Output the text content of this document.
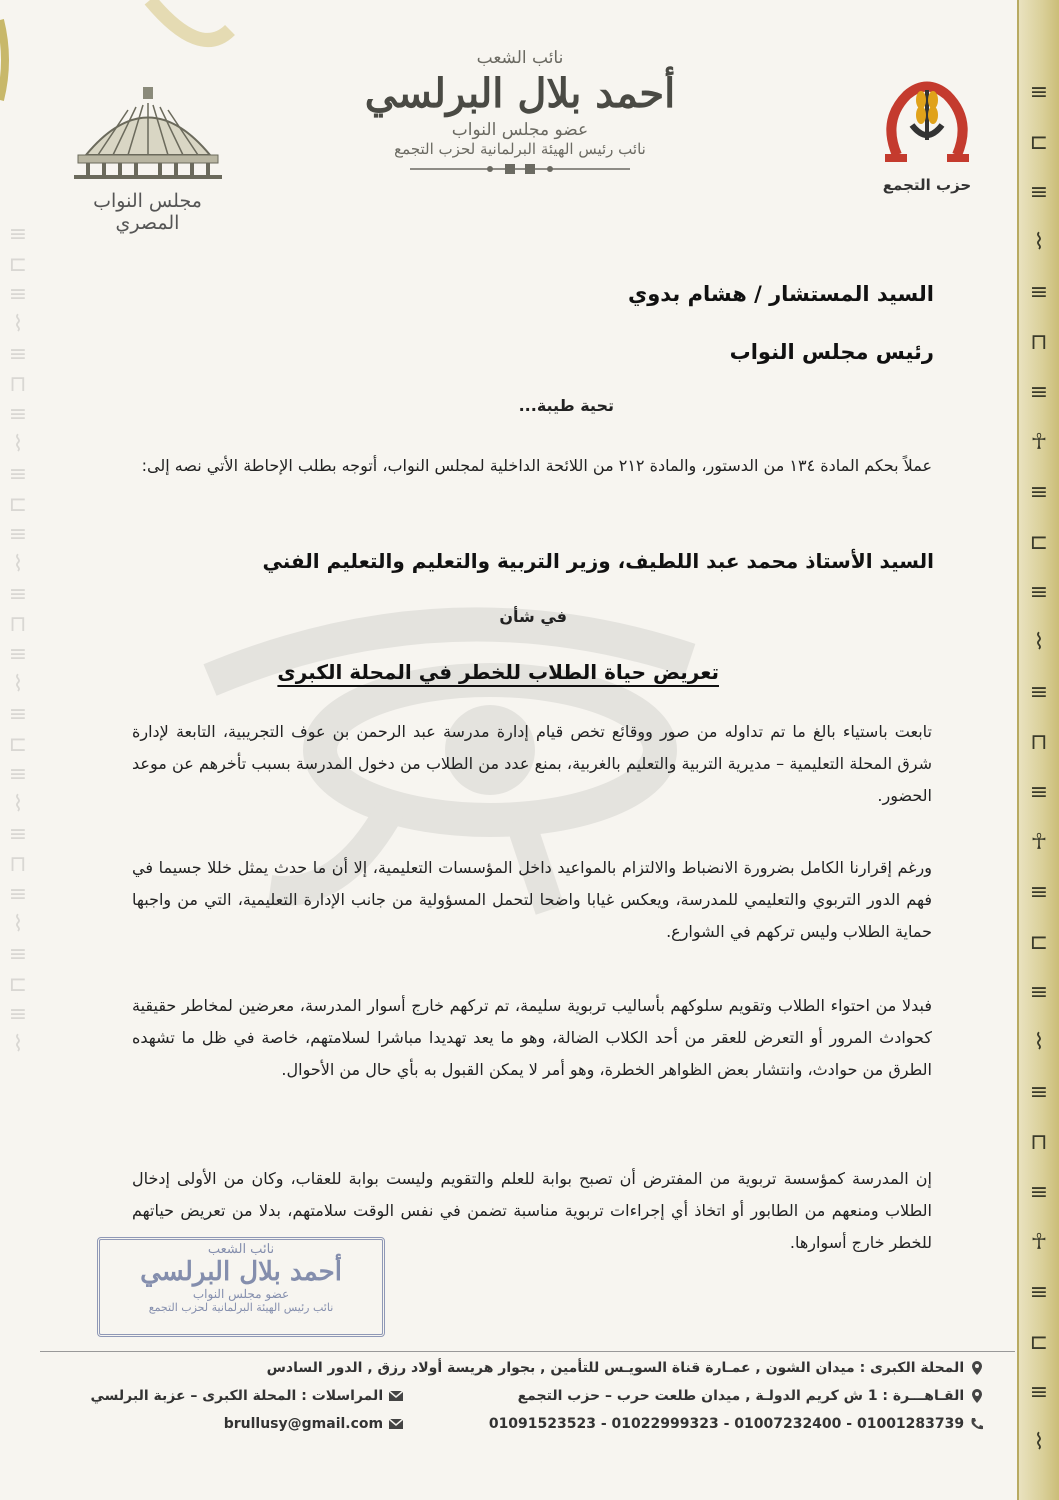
≡
⊏
≡
⌇
≡
⊓
≡
⌇
≡
⊏
≡
⌇
≡
⊓
≡
⌇
≡
⊏
≡
⌇
≡
⊓
≡
⌇
≡
⊏
≡
⌇
≡
⊏
≡
⌇
≡
⊓
≡
☥
≡
⊏
≡
⌇
≡
⊓
≡
☥
≡
⊏
≡
⌇
≡
⊓
≡
☥
≡
⊏
≡
⌇
مجلس النواب المصري
نائب الشعب
أحمد بلال البرلسي
عضو مجلس النواب
نائب رئيس الهيئة البرلمانية لحزب التجمع
حزب التجمع
السيد المستشار / هشام بدوي
رئيس مجلس النواب
تحية طيبة...
عملاً بحكم المادة ١٣٤ من الدستور، والمادة ٢١٢ من اللائحة الداخلية لمجلس النواب، أتوجه بطلب الإحاطة الأتي نصه إلى:
السيد الأستاذ محمد عبد اللطيف، وزير التربية والتعليم والتعليم الفني
في شأن
تعريض حياة الطلاب للخطر في المحلة الكبرى
تابعت باستياء بالغ ما تم تداوله من صور ووقائع تخص قيام إدارة مدرسة عبد الرحمن بن عوف التجريبية، التابعة لإدارة شرق المحلة التعليمية – مديرية التربية والتعليم بالغربية، بمنع عدد من الطلاب من دخول المدرسة بسبب تأخرهم عن موعد الحضور.
ورغم إقرارنا الكامل بضرورة الانضباط والالتزام بالمواعيد داخل المؤسسات التعليمية، إلا أن ما حدث يمثل خللا جسيما في فهم الدور التربوي والتعليمي للمدرسة، ويعكس غيابا واضحا لتحمل المسؤولية من جانب الإدارة التعليمية، التي من واجبها حماية الطلاب وليس تركهم في الشوارع.
فبدلا من احتواء الطلاب وتقويم سلوكهم بأساليب تربوية سليمة، تم تركهم خارج أسوار المدرسة، معرضين لمخاطر حقيقية كحوادث المرور أو التعرض للعقر من أحد الكلاب الضالة، وهو ما يعد تهديدا مباشرا لسلامتهم، خاصة في ظل ما تشهده الطرق من حوادث، وانتشار بعض الظواهر الخطرة، وهو أمر لا يمكن القبول به بأي حال من الأحوال.
إن المدرسة كمؤسسة تربوية من المفترض أن تصبح بوابة للعلم والتقويم وليست بوابة للعقاب، وكان من الأولى إدخال الطلاب ومنعهم من الطابور أو اتخاذ أي إجراءات تربوية مناسبة تضمن في نفس الوقت سلامتهم، بدلا من تعريض حياتهم للخطر خارج أسوارها.
نائب الشعب
أحمد بلال البرلسي
عضو مجلس النواب
نائب رئيس الهيئة البرلمانية لحزب التجمع
المحلة الكبرى : ميدان الشون , عمـارة قناة السويـس للتأمين , بجوار هريسة أولاد رزق , الدور السادس
القـاهـــرة : 1 ش كريم الدولـة , ميدان طلعت حرب – حزب التجمع
المراسلات : المحلة الكبرى – عزبة البرلسي
01091523523 - 01022999323 - 01007232400 - 01001283739
brullusy@gmail.com
